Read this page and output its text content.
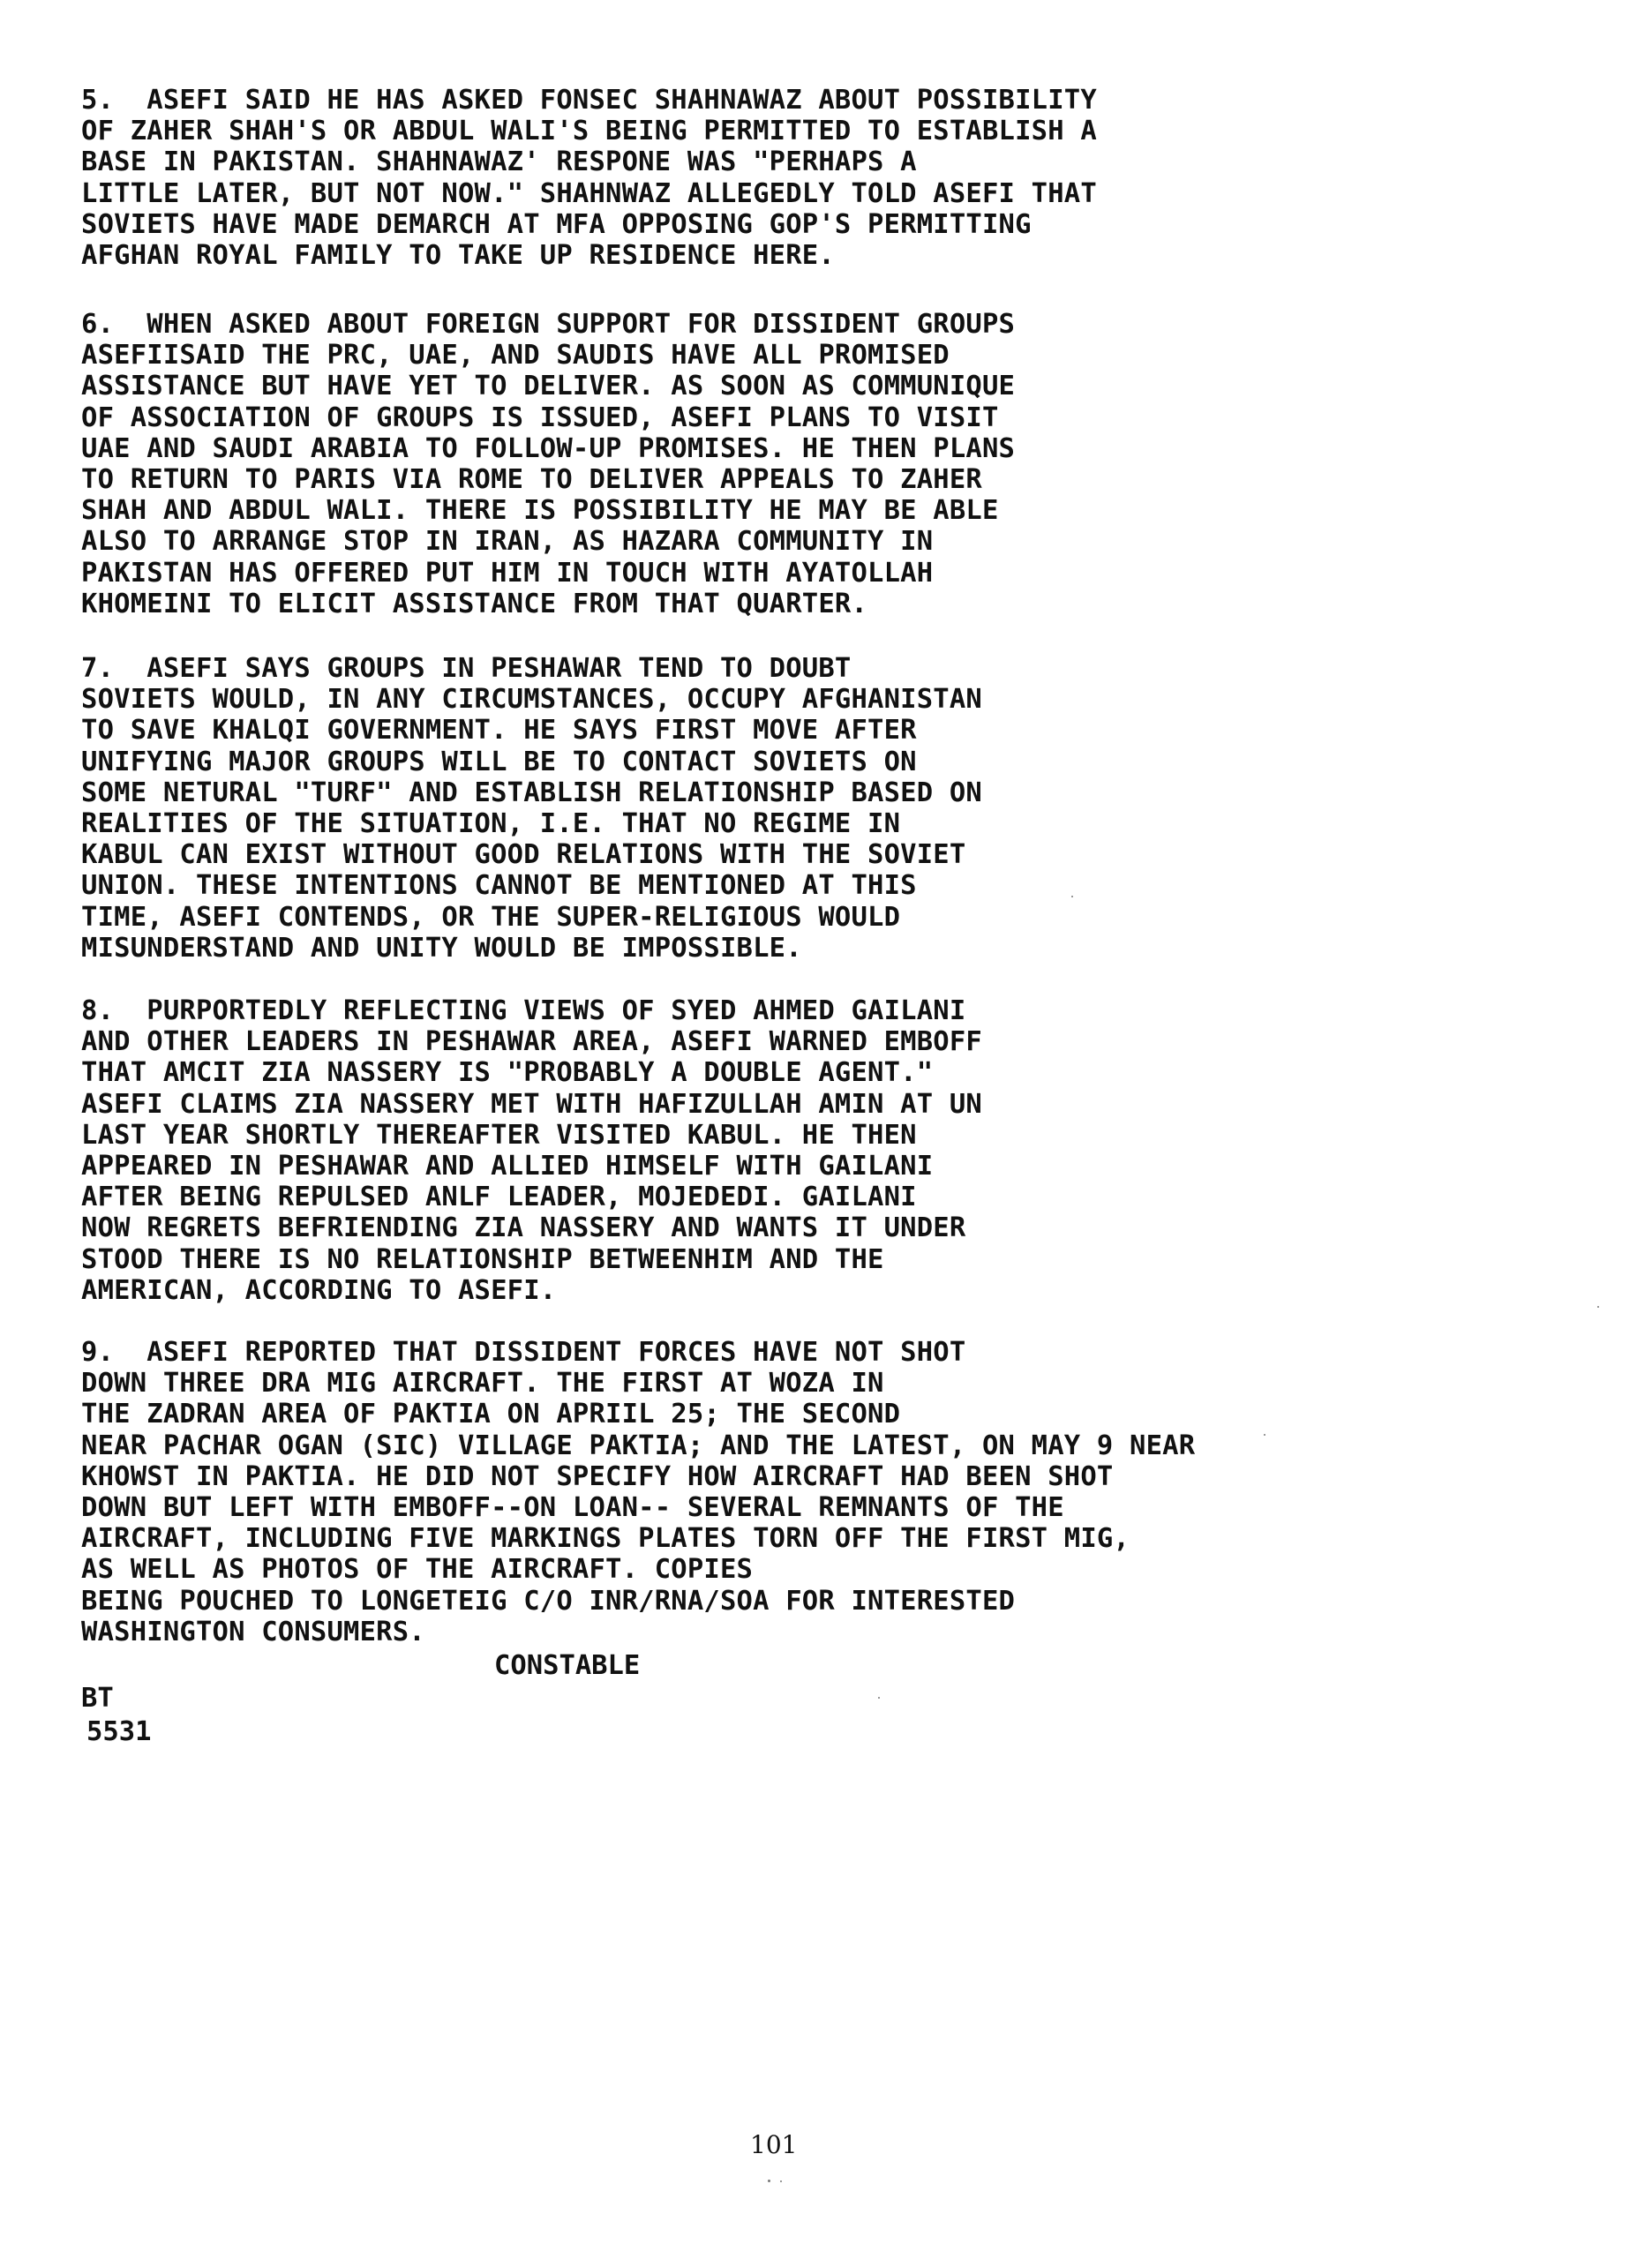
5.  ASEFI SAID HE HAS ASKED FONSEC SHAHNAWAZ ABOUT POSSIBILITY
OF ZAHER SHAH'S OR ABDUL WALI'S BEING PERMITTED TO ESTABLISH A
BASE IN PAKISTAN. SHAHNAWAZ' RESPONE WAS "PERHAPS A
LITTLE LATER, BUT NOT NOW." SHAHNWAZ ALLEGEDLY TOLD ASEFI THAT
SOVIETS HAVE MADE DEMARCH AT MFA OPPOSING GOP'S PERMITTING
AFGHAN ROYAL FAMILY TO TAKE UP RESIDENCE HERE.
6.  WHEN ASKED ABOUT FOREIGN SUPPORT FOR DISSIDENT GROUPS
ASEFIISAID THE PRC, UAE, AND SAUDIS HAVE ALL PROMISED
ASSISTANCE BUT HAVE YET TO DELIVER. AS SOON AS COMMUNIQUE
OF ASSOCIATION OF GROUPS IS ISSUED, ASEFI PLANS TO VISIT
UAE AND SAUDI ARABIA TO FOLLOW-UP PROMISES. HE THEN PLANS
TO RETURN TO PARIS VIA ROME TO DELIVER APPEALS TO ZAHER
SHAH AND ABDUL WALI. THERE IS POSSIBILITY HE MAY BE ABLE
ALSO TO ARRANGE STOP IN IRAN, AS HAZARA COMMUNITY IN
PAKISTAN HAS OFFERED PUT HIM IN TOUCH WITH AYATOLLAH
KHOMEINI TO ELICIT ASSISTANCE FROM THAT QUARTER.
7.  ASEFI SAYS GROUPS IN PESHAWAR TEND TO DOUBT
SOVIETS WOULD, IN ANY CIRCUMSTANCES, OCCUPY AFGHANISTAN
TO SAVE KHALQI GOVERNMENT. HE SAYS FIRST MOVE AFTER
UNIFYING MAJOR GROUPS WILL BE TO CONTACT SOVIETS ON
SOME NETURAL "TURF" AND ESTABLISH RELATIONSHIP BASED ON
REALITIES OF THE SITUATION, I.E. THAT NO REGIME IN
KABUL CAN EXIST WITHOUT GOOD RELATIONS WITH THE SOVIET
UNION. THESE INTENTIONS CANNOT BE MENTIONED AT THIS
TIME, ASEFI CONTENDS, OR THE SUPER-RELIGIOUS WOULD
MISUNDERSTAND AND UNITY WOULD BE IMPOSSIBLE.
8.  PURPORTEDLY REFLECTING VIEWS OF SYED AHMED GAILANI
AND OTHER LEADERS IN PESHAWAR AREA, ASEFI WARNED EMBOFF
THAT AMCIT ZIA NASSERY IS "PROBABLY A DOUBLE AGENT."
ASEFI CLAIMS ZIA NASSERY MET WITH HAFIZULLAH AMIN AT UN
LAST YEAR SHORTLY THEREAFTER VISITED KABUL. HE THEN
APPEARED IN PESHAWAR AND ALLIED HIMSELF WITH GAILANI
AFTER BEING REPULSED ANLF LEADER, MOJEDEDI. GAILANI
NOW REGRETS BEFRIENDING ZIA NASSERY AND WANTS IT UNDER
STOOD THERE IS NO RELATIONSHIP BETWEENHIM AND THE
AMERICAN, ACCORDING TO ASEFI.
9.  ASEFI REPORTED THAT DISSIDENT FORCES HAVE NOT SHOT
DOWN THREE DRA MIG AIRCRAFT. THE FIRST AT WOZA IN
THE ZADRAN AREA OF PAKTIA ON APRIIL 25; THE SECOND
NEAR PACHAR OGAN (SIC) VILLAGE PAKTIA; AND THE LATEST, ON MAY 9 NEAR
KHOWST IN PAKTIA. HE DID NOT SPECIFY HOW AIRCRAFT HAD BEEN SHOT
DOWN BUT LEFT WITH EMBOFF--ON LOAN-- SEVERAL REMNANTS OF THE
AIRCRAFT, INCLUDING FIVE MARKINGS PLATES TORN OFF THE FIRST MIG,
AS WELL AS PHOTOS OF THE AIRCRAFT. COPIES
BEING POUCHED TO LONGETEIG C/O INR/RNA/SOA FOR INTERESTED
WASHINGTON CONSUMERS.
CONSTABLE
BT
5531
101
